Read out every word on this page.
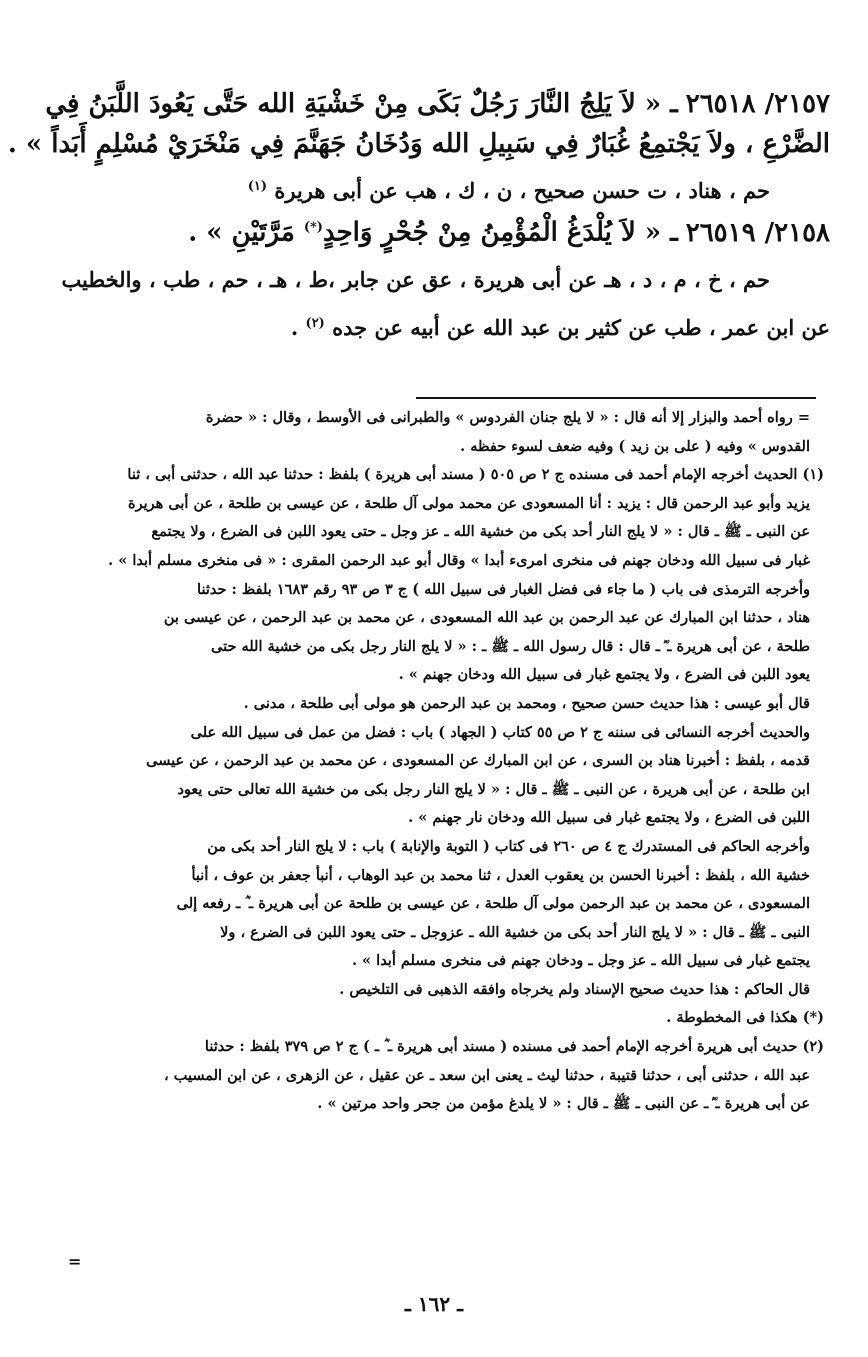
٢١٥٧/ ٢٦٥١٨ـ « لاَ يَلِجُ النَّارَ رَجُلٌ بَكَى مِنْ خَشْيَةِ الله حَتَّى يَعُودَ اللَّبَنُ فِي
الضَّرْعِ ، ولاَ يَجْتمِعُ غُبَارٌ فِي سَبِيلِ الله وَدُخَانُ جَهَنَّمَ فِي مَنْخَرَيْ مُسْلِمٍ أَبَداً » .
حم ، هناد ، ت حسن صحيح ، ن ، ك ، هب عن أبى هريرة $^{(١)}$
٢١٥٨/ ٢٦٥١٩ـ « لاَ يُلْدَغُ الْمُؤْمِنُ مِنْ جُحْرٍ وَاحِدٍ(*) مَرَّتَيْنِ » .
حم ، خ ، م ، د ، هـ عن أبى هريرة ، عق عن جابر ،ط ، هـ ، حم ، طب ، والخطيب
عن ابن عمر ، طب عن كثير بن عبد الله عن أبيه عن جده $^{(٢)}$ .
= رواه أحمد والبزار إلا أنه قال : « لا يلج جنان الفردوس » والطبرانى فى الأوسط ، وقال : « حضرة
القدوس » وفيه ( على بن زيد ) وفيه ضعف لسوء حفظه .
(١) الحديث أخرجه الإمام أحمد فى مسنده ج ٢ ص ٥٠٥ ( مسند أبى هريرة ) بلفظ : حدثنا عبد الله ، حدثنى أبى ، ثنا
يزيد وأبو عبد الرحمن قال : يزيد : أنا المسعودى عن محمد مولى آل طلحة ، عن عيسى بن طلحة ، عن أبى هريرة
عن النبى ـ ﷺ ـ قال : « لا يلج النار أحد بكى من خشية الله ـ عز وجل ـ حتى يعود اللبن فى الضرع ، ولا يجتمع
غبار فى سبيل الله ودخان جهنم فى منخرى امرىء أبدا » وقال أبو عبد الرحمن المقرى : « فى منخرى مسلم أبدا » .
وأخرجه الترمذى فى باب ( ما جاء فى فضل الغبار فى سبيل الله ) ج ٣ ص ٩٣ رقم ١٦٨٣ بلفظ : حدثنا
هناد ، حدثنا ابن المبارك عن عبد الرحمن بن عبد الله المسعودى ، عن محمد بن عبد الرحمن ، عن عيسى بن
طلحة ، عن أبى هريرة ـ ؓ ـ قال : قال رسول الله ـ ﷺ ـ : « لا يلج النار رجل بكى من خشية الله حتى
يعود اللبن فى الضرع ، ولا يجتمع غبار فى سبيل الله ودخان جهنم » .
قال أبو عيسى : هذا حديث حسن صحيح ، ومحمد بن عبد الرحمن هو مولى أبى طلحة ، مدنى .
والحديث أخرجه النسائى فى سننه ج ٢ ص ٥٥ كتاب ( الجهاد ) باب : فضل من عمل فى سبيل الله على
قدمه ، بلفظ : أخبرنا هناد بن السرى ، عن ابن المبارك عن المسعودى ، عن محمد بن عبد الرحمن ، عن عيسى
ابن طلحة ، عن أبى هريرة ، عن النبى ـ ﷺ ـ قال : « لا يلج النار رجل بكى من خشية الله تعالى حتى يعود
اللبن فى الضرع ، ولا يجتمع غبار فى سبيل الله ودخان نار جهنم » .
وأخرجه الحاكم فى المستدرك ج ٤ ص ٢٦٠ فى كتاب ( التوبة والإنابة ) باب : لا يلج النار أحد بكى من
خشية الله ، بلفظ : أخبرنا الحسن بن يعقوب العدل ، ثنا محمد بن عبد الوهاب ، أنبأ جعفر بن عوف ، أنبأ
المسعودى ، عن محمد بن عبد الرحمن مولى آل طلحة ، عن عيسى بن طلحة عن أبى هريرة ـ ؓ ـ رفعه إلى
النبى ـ ﷺ ـ قال : « لا يلج النار أحد بكى من خشية الله ـ عزوجل ـ حتى يعود اللبن فى الضرع ، ولا
يجتمع غبار فى سبيل الله ـ عز وجل ـ ودخان جهنم فى منخرى مسلم أبدا » .
قال الحاكم : هذا حديث صحيح الإسناد ولم يخرجاه وافقه الذهبى فى التلخيص .
(*) هكذا فى المخطوطة .
(٢) حديث أبى هريرة أخرجه الإمام أحمد فى مسنده ( مسند أبى هريرة ـ ؓ ـ ) ج ٢ ص ٣٧٩ بلفظ : حدثنا
عبد الله ، حدثنى أبى ، حدثنا قتيبة ، حدثنا ليث ـ يعنى ابن سعد ـ عن عقيل ، عن الزهرى ، عن ابن المسيب ،
عن أبى هريرة ـ ؓ ـ عن النبى ـ ﷺ ـ قال : « لا يلدغ مؤمن من جحر واحد مرتين » .
=
ـ ١٦٢ ـ
